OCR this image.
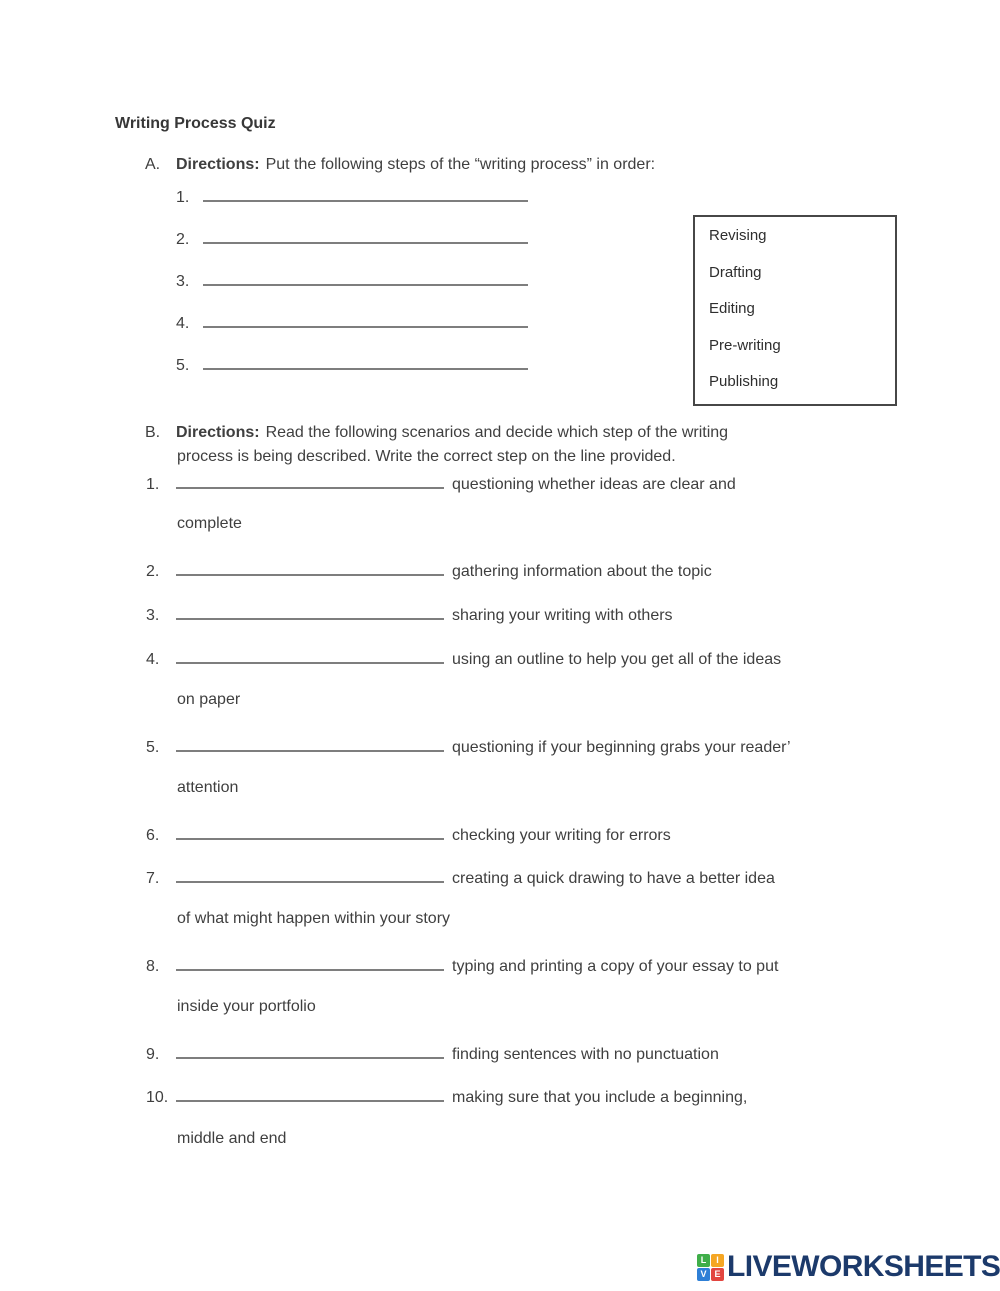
Writing Process Quiz
A. Directions: Put the following steps of the “writing process” in order:
1.
2.
3.
4.
5.
Revising
Drafting
Editing
Pre-writing
Publishing
B. Directions: Read the following scenarios and decide which step of the writing
process is being described. Write the correct step on the line provided.
1.	questioning whether ideas are clear and
complete
2.	gathering information about the topic
3.	sharing your writing with others
4.	using an outline to help you get all of the ideas
on paper
5.	questioning if your beginning grabs your reader’
attention
6.	checking your writing for errors
7.	creating a quick drawing to have a better idea
of what might happen within your story
8.	typing and printing a copy of your essay to put
inside your portfolio
9.	finding sentences with no punctuation
10.	making sure that you include a beginning,
middle and end
L	I
V E LIVEWORKSHEETS
